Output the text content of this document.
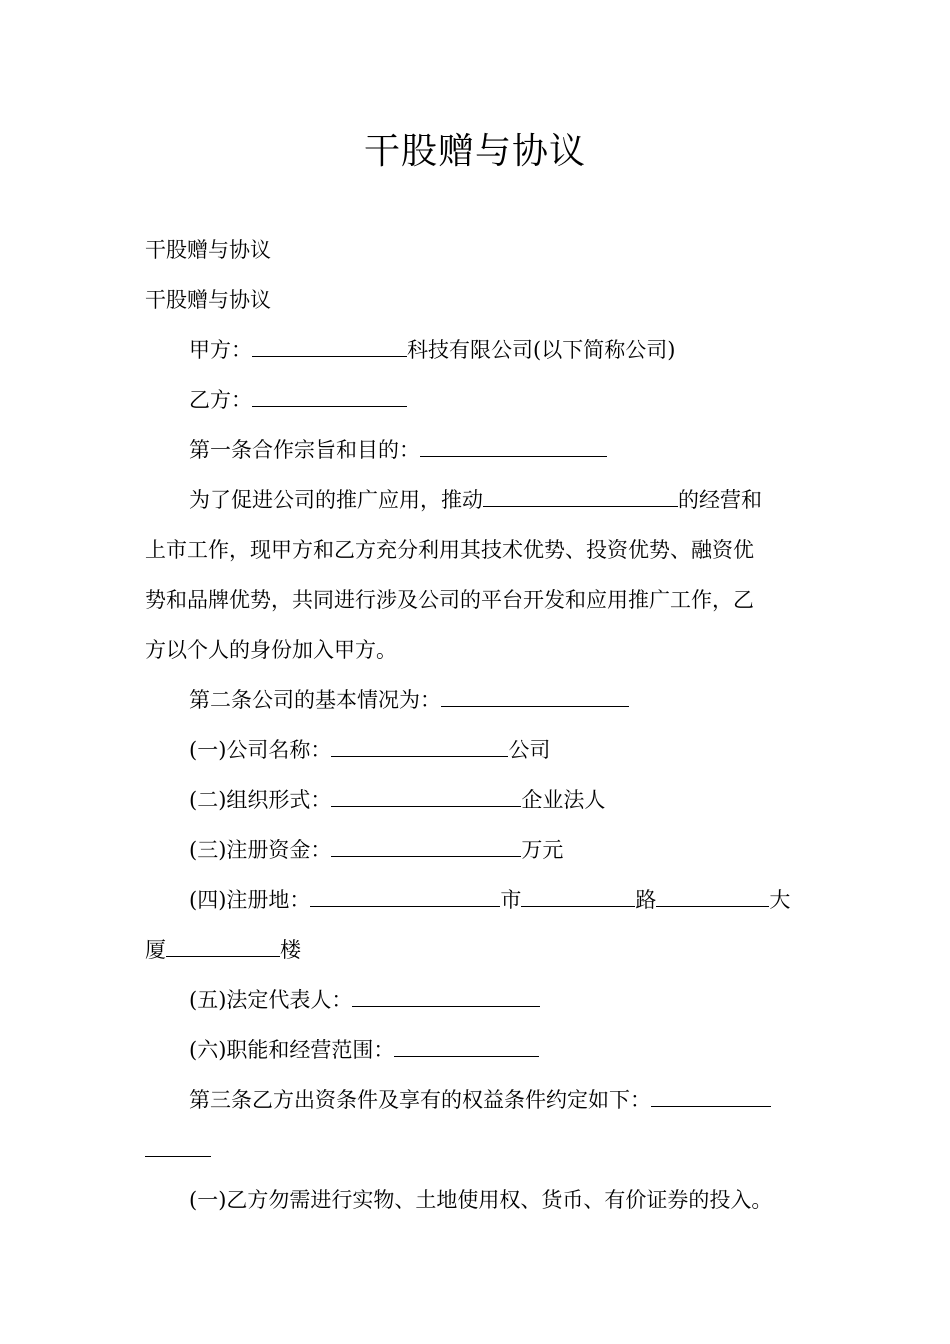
干股赠与协议
干股赠与协议
干股赠与协议
甲方：	科技有限公司(以下简称公司)
乙方：
第一条合作宗旨和目的：
为了促进公司的推广应用，推动	的经营和
上市工作，现甲方和乙方充分利用其技术优势、投资优势、融资优
势和品牌优势，共同进行涉及公司的平台开发和应用推广工作，乙
方以个人的身份加入甲方。
第二条公司的基本情况为：
(一)公司名称：	公司
(二)组织形式：	企业法人
(三)注册资金：	万元
(四)注册地：	市	路	大
厦	楼
(五)法定代表人：
(六)职能和经营范围：
第三条乙方出资条件及享有的权益条件约定如下：
(一)乙方勿需进行实物、土地使用权、货币、有价证券的投入。
